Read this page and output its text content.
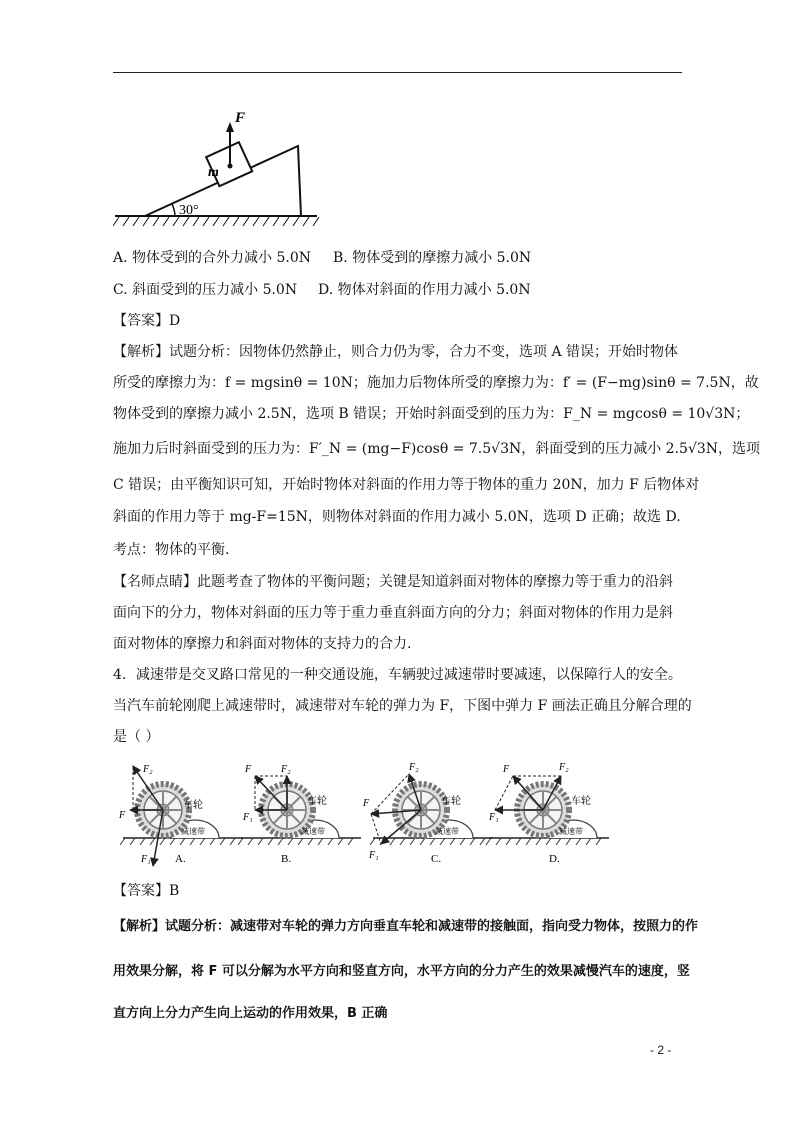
30°
F
m
A. 物体受到的合外力减小 5.0N B. 物体受到的摩擦力减小 5.0N
C. 斜面受到的压力减小 5.0N D. 物体对斜面的作用力减小 5.0N
【答案】D
【解析】试题分析：因物体仍然静止，则合力仍为零，合力不变，选项 A 错误；开始时物体
所受的摩擦力为：f = mgsinθ = 10N；施加力后物体所受的摩擦力为：f′ = (F−mg)sinθ = 7.5N，故
物体受到的摩擦力减小 2.5N，选项 B 错误；开始时斜面受到的压力为：F_N = mgcosθ = 10√3N；
施加力后时斜面受到的压力为：F′_N = (mg−F)cosθ = 7.5√3N，斜面受到的压力减小 2.5√3N，选项
C 错误；由平衡知识可知，开始时物体对斜面的作用力等于物体的重力 20N，加力 F 后物体对
斜面的作用力等于 mg-F=15N，则物体对斜面的作用力减小 5.0N，选项 D 正确；故选 D.
考点：物体的平衡.
【名师点睛】此题考查了物体的平衡问题；关键是知道斜面对物体的摩擦力等于重力的沿斜
面向下的分力，物体对斜面的压力等于重力垂直斜面方向的分力；斜面对物体的作用力是斜
面对物体的摩擦力和斜面对物体的支持力的合力.
4．减速带是交叉路口常见的一种交通设施，车辆驶过减速带时要减速，以保障行人的安全。
当汽车前轮刚爬上减速带时，减速带对车轮的弹力为 F，下图中弹力 F 画法正确且分解合理的
是（ ）
F₂
F
F₁
车轮
减速带
A.
F	F₂
F₁
车轮
减速带
B.
F
F₂
F₁
车轮
减速带
C.
F	F₂
F₁
车轮
减速带
D.
【答案】B
【解析】试题分析：减速带对车轮的弹力方向垂直车轮和减速带的接触面，指向受力物体，按照力的作
用效果分解，将 F 可以分解为水平方向和竖直方向，水平方向的分力产生的效果减慢汽车的速度，竖
直方向上分力产生向上运动的作用效果，B 正确
- 2 -
